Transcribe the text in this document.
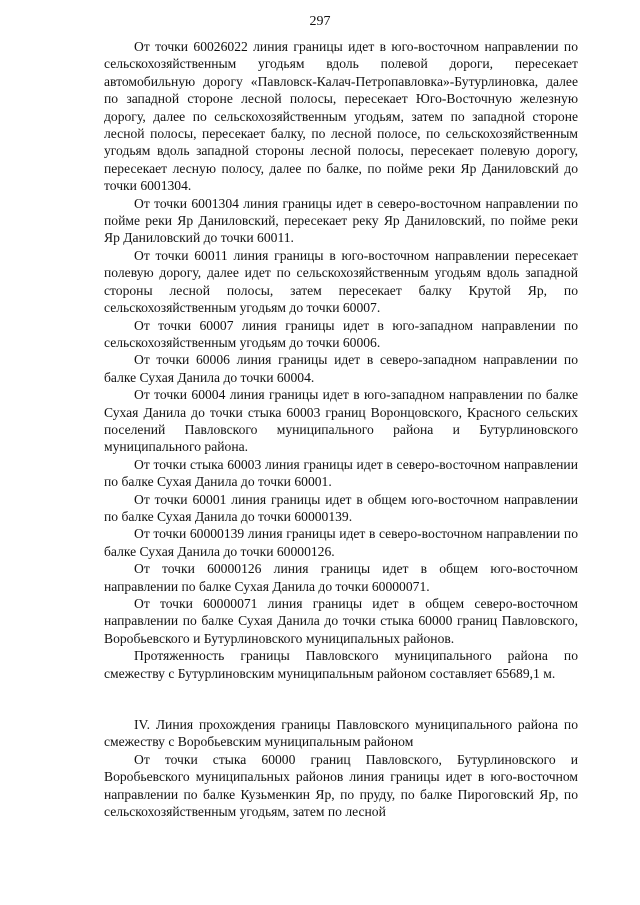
297

От точки 60026022 линия границы идет в юго-восточном направлении по сельскохозяйственным угодьям вдоль полевой дороги, пересекает автомобильную дорогу «Павловск-Калач-Петропавловка»-Бутурлиновка, далее по западной стороне лесной полосы, пересекает Юго-Восточную железную дорогу, далее по сельскохозяйственным угодьям, затем по западной стороне лесной полосы, пересекает балку, по лесной полосе, по сельскохозяйственным угодьям вдоль западной стороны лесной полосы, пересекает полевую дорогу, пересекает лесную полосу, далее по балке, по пойме реки Яр Даниловский до точки 6001304.

От точки 6001304 линия границы идет в северо-восточном направлении по пойме реки Яр Даниловский, пересекает реку Яр Даниловский, по пойме реки Яр Даниловский до точки 60011.

От точки 60011 линия границы в юго-восточном направлении пересекает полевую дорогу, далее идет по сельскохозяйственным угодьям вдоль западной стороны лесной полосы, затем пересекает балку Крутой Яр, по сельскохозяйственным угодьям до точки 60007.

От точки 60007 линия границы идет в юго-западном направлении по сельскохозяйственным угодьям до точки 60006.

От точки 60006 линия границы идет в северо-западном направлении по балке Сухая Данила до точки 60004.

От точки 60004 линия границы идет в юго-западном направлении по балке Сухая Данила до точки стыка 60003 границ Воронцовского, Красного сельских поселений Павловского муниципального района и Бутурлиновского муниципального района.

От точки стыка 60003 линия границы идет в северо-восточном направлении по балке Сухая Данила до точки 60001.

От точки 60001 линия границы идет в общем юго-восточном направлении по балке Сухая Данила до точки 60000139.

От точки 60000139 линия границы идет в северо-восточном направлении по балке Сухая Данила до точки 60000126.

От точки 60000126 линия границы идет в общем юго-восточном направлении по балке Сухая Данила до точки 60000071.

От точки 60000071 линия границы идет в общем северо-восточном направлении по балке Сухая Данила до точки стыка 60000 границ Павловского, Воробьевского и Бутурлиновского муниципальных районов.

Протяженность границы Павловского муниципального района по смежеству с Бутурлиновским муниципальным районом составляет 65689,1 м.

IV. Линия прохождения границы Павловского муниципального района по смежеству с Воробьевским муниципальным районом

От точки стыка 60000 границ Павловского, Бутурлиновского и Воробьевского муниципальных районов линия границы идет в юго-восточном направлении по балке Кузьменкин Яр, по пруду, по балке Пироговский Яр, по сельскохозяйственным угодьям, затем по лесной
